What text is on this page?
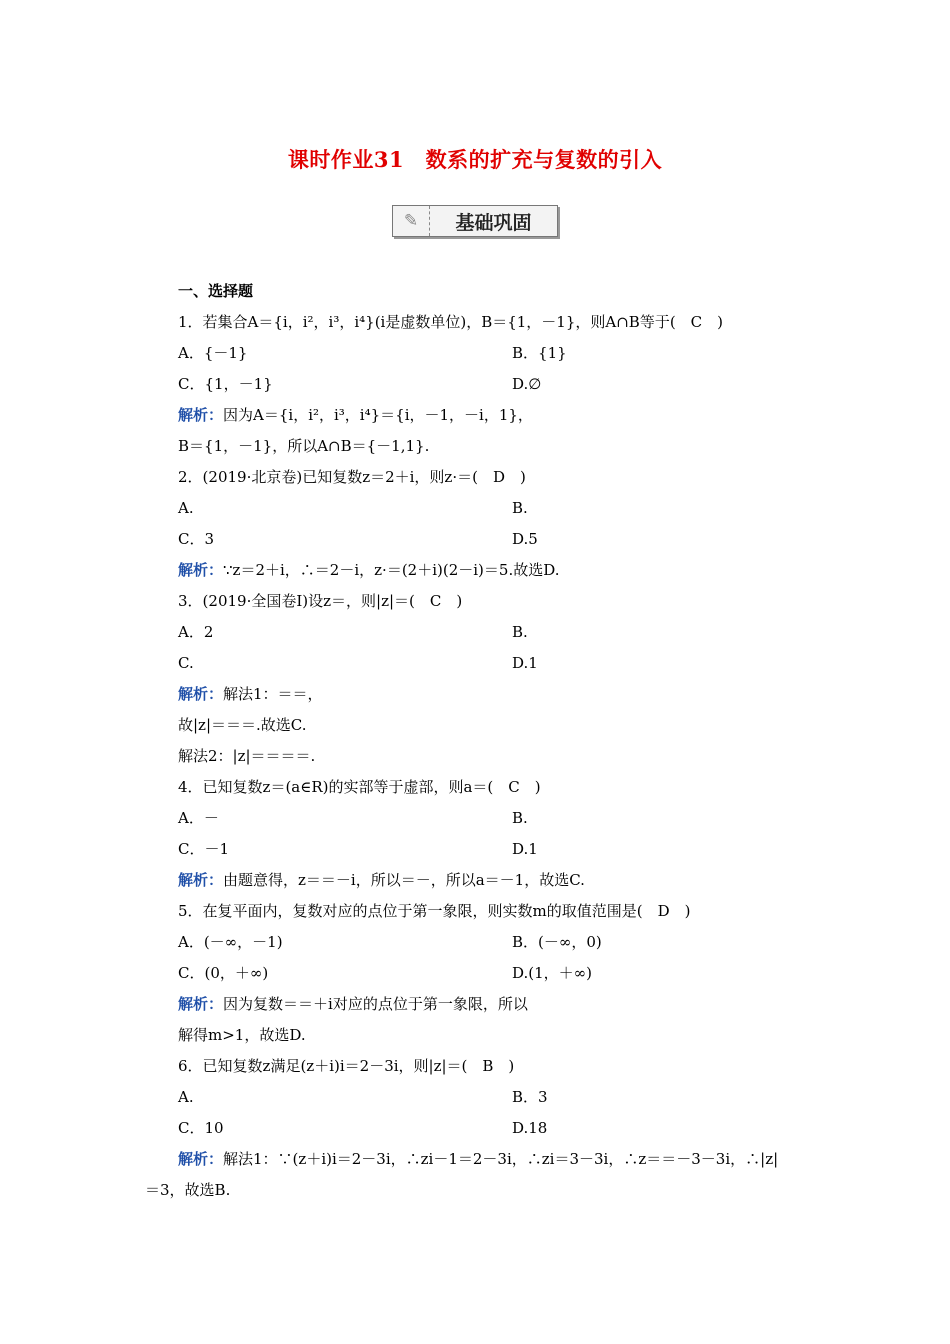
课时作业31　数系的扩充与复数的引入
✎	基础巩固
一、选择题
1．若集合A＝{i，i²，i³，i⁴}(i是虚数单位)，B＝{1，－1}，则A∩B等于(　C　)
A．{－1}	B．{1}
C．{1，－1}	D.∅
解析：因为A＝{i，i²，i³，i⁴}＝{i，－1，－i，1}，
B＝{1，－1}，所以A∩B＝{－1,1}.
2．(2019·北京卷)已知复数z＝2＋i，则z·＝(　D　)
A.	B.
C．3	D.5
解析：∵z＝2＋i，∴＝2－i，z·＝(2＋i)(2－i)＝5.故选D.
3．(2019·全国卷Ⅰ)设z＝，则|z|＝(　C　)
A．2	B.
C.	D.1
解析：解法1：＝＝，
故|z|＝＝＝.故选C.
解法2：|z|＝＝＝＝.
4．已知复数z＝(a∈R)的实部等于虚部，则a＝(　C　)
A．－	B.
C．－1	D.1
解析：由题意得，z＝＝－i，所以＝－，所以a＝－1，故选C.
5．在复平面内，复数对应的点位于第一象限，则实数m的取值范围是(　D　)
A．(－∞，－1)	B．(－∞，0)
C．(0，＋∞)	D.(1，＋∞)
解析：因为复数＝＝＋i对应的点位于第一象限，所以
解得m>1，故选D.
6．已知复数z满足(z＋i)i＝2－3i，则|z|＝(　B　)
A.	B．3
C．10	D.18
解析：解法1：∵(z＋i)i＝2－3i，∴zi－1＝2－3i，∴zi＝3－3i，∴z＝＝－3－3i，∴|z|
＝3，故选B.
